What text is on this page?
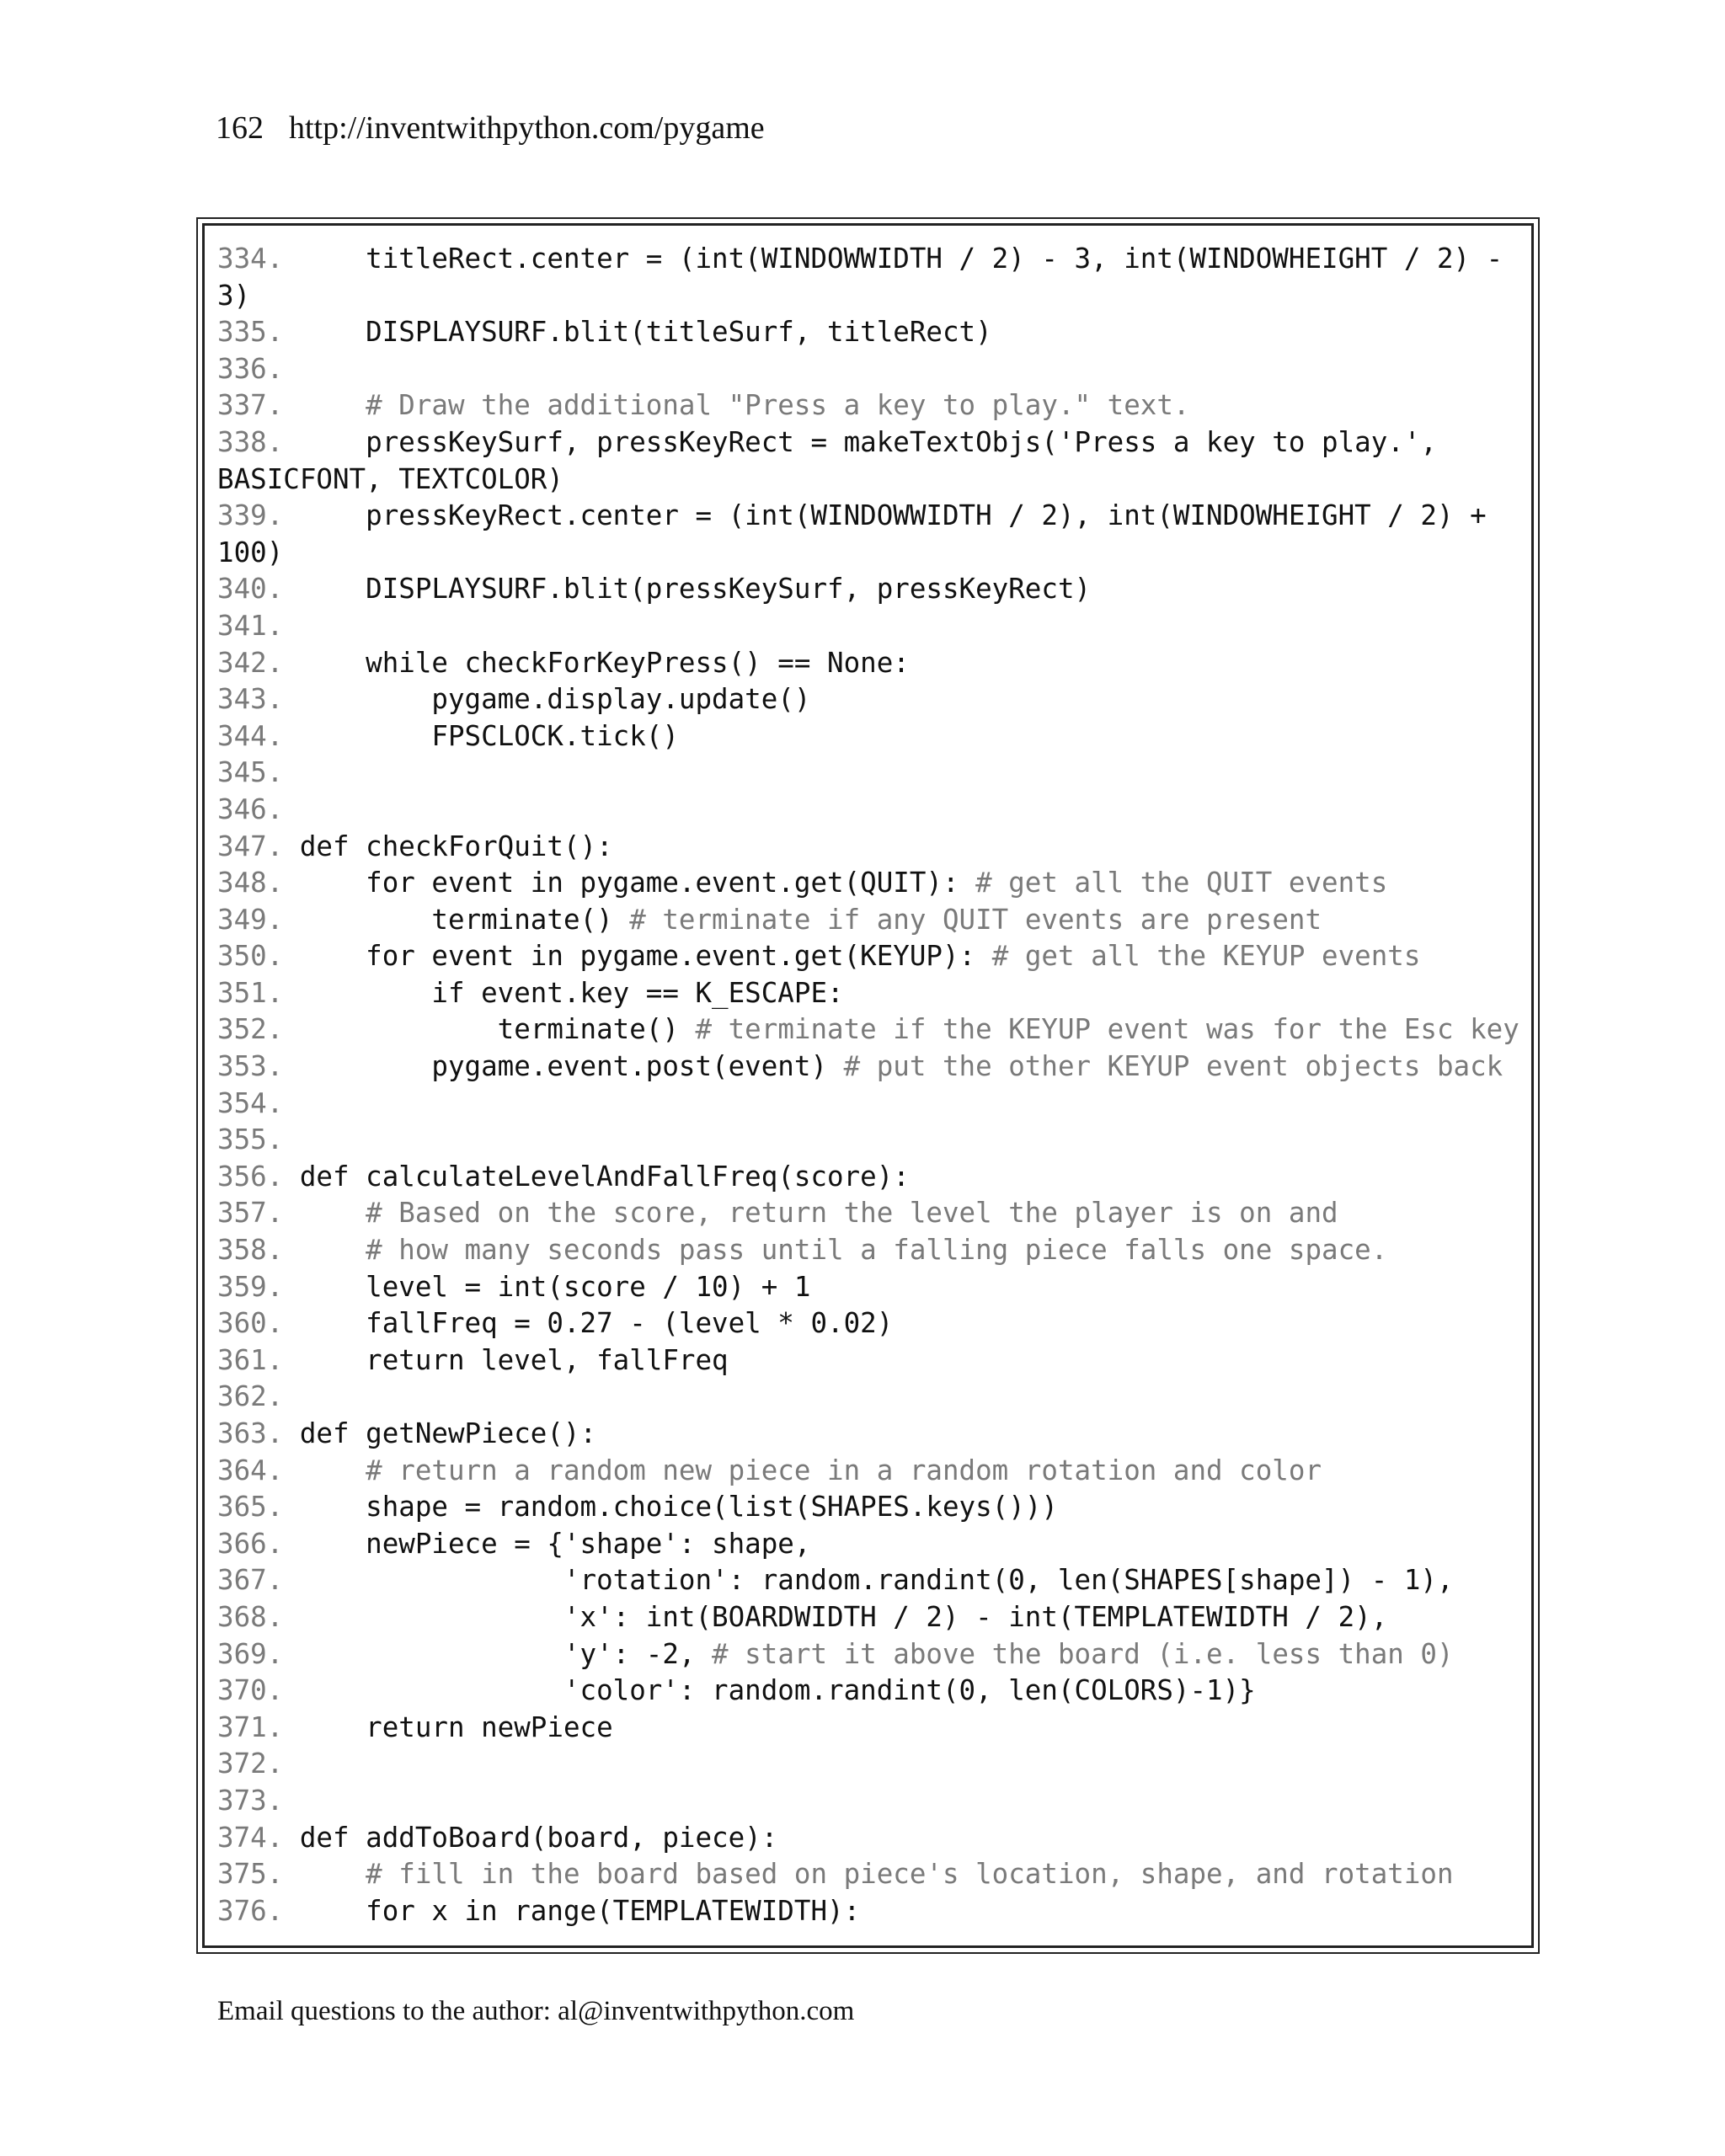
162 http://inventwithpython.com/pygame
334.	titleRect.center = (int(WINDOWWIDTH / 2) - 3, int(WINDOWHEIGHT / 2) -
3)
335.	DISPLAYSURF.blit(titleSurf, titleRect)
336.
337.	# Draw the additional "Press a key to play." text.
338.	pressKeySurf, pressKeyRect = makeTextObjs('Press a key to play.',
BASICFONT, TEXTCOLOR)
339.	pressKeyRect.center = (int(WINDOWWIDTH / 2), int(WINDOWHEIGHT / 2) +
100)
340.	DISPLAYSURF.blit(pressKeySurf, pressKeyRect)
341.
342.	while checkForKeyPress() == None:
343.	pygame.display.update()
344.	FPSCLOCK.tick()
345.
346.
347. def checkForQuit():
348.	for event in pygame.event.get(QUIT): # get all the QUIT events
349.	terminate() # terminate if any QUIT events are present
350.	for event in pygame.event.get(KEYUP): # get all the KEYUP events
351.	if event.key == K_ESCAPE:
352.	terminate() # terminate if the KEYUP event was for the Esc key
353.	pygame.event.post(event) # put the other KEYUP event objects back
354.
355.
356. def calculateLevelAndFallFreq(score):
357.	# Based on the score, return the level the player is on and
358.	# how many seconds pass until a falling piece falls one space.
359.	level = int(score / 10) + 1
360.	fallFreq = 0.27 - (level * 0.02)
361.	return level, fallFreq
362.
363. def getNewPiece():
364.	# return a random new piece in a random rotation and color
365.	shape = random.choice(list(SHAPES.keys()))
366.	newPiece = {'shape': shape,
367.	'rotation': random.randint(0, len(SHAPES[shape]) - 1),
368.	'x': int(BOARDWIDTH / 2) - int(TEMPLATEWIDTH / 2),
369.	'y': -2, # start it above the board (i.e. less than 0)
370.	'color': random.randint(0, len(COLORS)-1)}
371.	return newPiece
372.
373.
374. def addToBoard(board, piece):
375.	# fill in the board based on piece's location, shape, and rotation
376.	for x in range(TEMPLATEWIDTH):
Email questions to the author: al@inventwithpython.com
